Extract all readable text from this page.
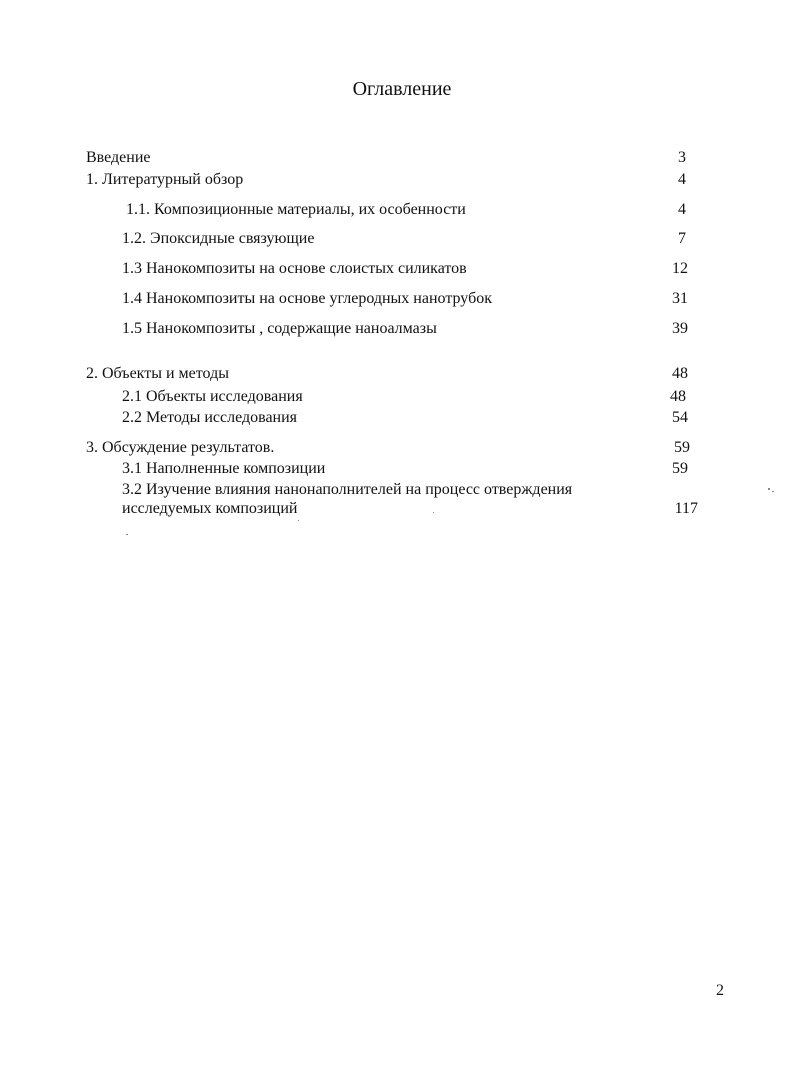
Оглавление
Введение	3
1. Литературный обзор	4
1.1. Композиционные материалы, их особенности	4
1.2. Эпоксидные связующие	7
1.3 Нанокомпозиты на основе слоистых силикатов	12
1.4 Нанокомпозиты на основе углеродных нанотрубок	31
1.5 Нанокомпозиты , содержащие наноалмазы	39
2. Объекты и методы	48
2.1 Объекты исследования	48
2.2 Методы исследования	54
3. Обсуждение результатов.	59
3.1 Наполненные композиции	59
3.2 Изучение влияния нанонаполнителей на процесс отверждения
исследуемых композиций	117
2
